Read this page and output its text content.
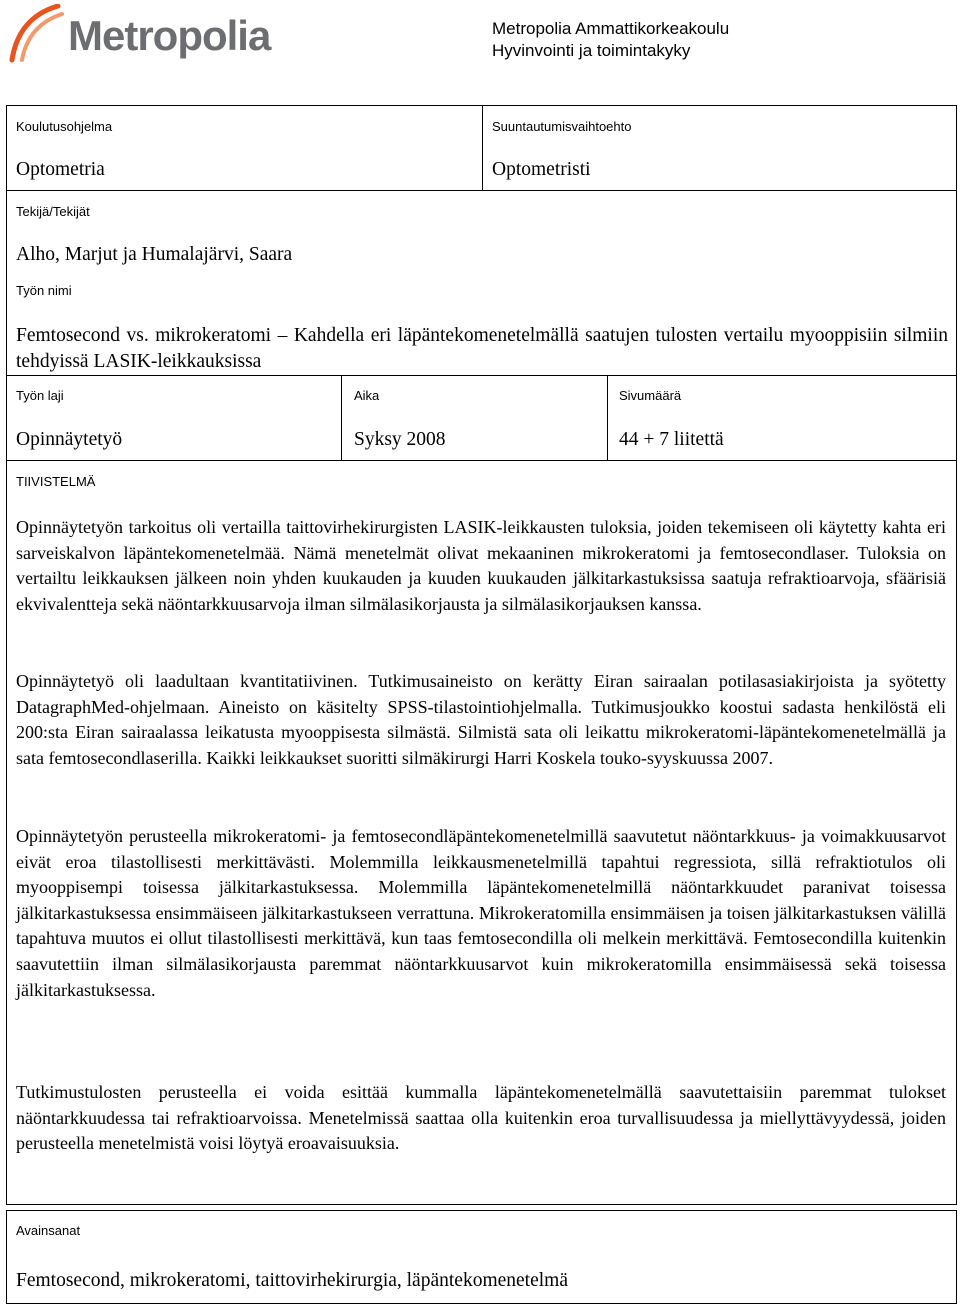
Metropolia	Metropolia Ammattikorkeakoulu
Hyvinvointi ja toimintakyky
Koulutusohjelma
Optometria
Suuntautumisvaihtoehto
Optometristi
Tekijä/Tekijät
Alho, Marjut ja Humalajärvi, Saara
Työn nimi
Femtosecond vs. mikrokeratomi – Kahdella eri läpäntekomenetelmällä saatujen tulosten vertailu myooppisiin silmiin tehdyissä LASIK-leikkauksissa
Työn laji
Opinnäytetyö
Aika
Syksy 2008
Sivumäärä
44 + 7 liitettä
TIIVISTELMÄ

Opinnäytetyön tarkoitus oli vertailla taittovirhekirurgisten LASIK-leikkausten tuloksia, joiden tekemiseen oli käytetty kahta eri sarveiskalvon läpäntekomenetelmää. Nämä menetelmät olivat mekaaninen mikrokeratomi ja femtosecondlaser. Tuloksia on vertailtu leikkauksen jälkeen noin yhden kuukauden ja kuuden kuukauden jälkitarkastuksissa saatuja refraktioarvoja, sfäärisiä ekvivalentteja sekä näöntarkkuusarvoja ilman silmälasikorjausta ja silmälasikorjauksen kanssa.

Opinnäytetyö oli laadultaan kvantitatiivinen. Tutkimusaineisto on kerätty Eiran sairaalan potilasasiakirjoista ja syötetty DatagraphMed-ohjelmaan. Aineisto on käsitelty SPSS-tilastointiohjelmalla. Tutkimusjoukko koostui sadasta henkilöstä eli 200:sta Eiran sairaalassa leikatusta myooppisesta silmästä. Silmistä sata oli leikattu mikrokeratomi-läpäntekomenetelmällä ja sata femtosecondlaserilla. Kaikki leikkaukset suoritti silmäkirurgi Harri Koskela touko-syyskuussa 2007.

Opinnäytetyön perusteella mikrokeratomi- ja femtosecondläpäntekomenetelmillä saavutetut näöntarkkuus- ja voimakkuusarvot eivät eroa tilastollisesti merkittävästi. Molemmilla leikkausmenetelmillä tapahtui regressiota, sillä refraktiotulos oli myooppisempi toisessa jälkitarkastuksessa. Molemmilla läpäntekomenetelmillä näöntarkkuudet paranivat toisessa jälkitarkastuksessa ensimmäiseen jälkitarkastukseen verrattuna. Mikrokeratomilla ensimmäisen ja toisen jälkitarkastuksen välillä tapahtuva muutos ei ollut tilastollisesti merkittävä, kun taas femtosecondilla oli melkein merkittävä. Femtosecondilla kuitenkin saavutettiin ilman silmälasikorjausta paremmat näöntarkkuusarvot kuin mikrokeratomilla ensimmäisessä sekä toisessa jälkitarkastuksessa.

Tutkimustulosten perusteella ei voida esittää kummalla läpäntekomenetelmällä saavutettaisiin paremmat tulokset näöntarkkuudessa tai refraktioarvoissa. Menetelmissä saattaa olla kuitenkin eroa turvallisuudessa ja miellyttävyydessä, joiden perusteella menetelmistä voisi löytyä eroavaisuuksia.

Avainsanat
Femtosecond, mikrokeratomi, taittovirhekirurgia, läpäntekomenetelmä
